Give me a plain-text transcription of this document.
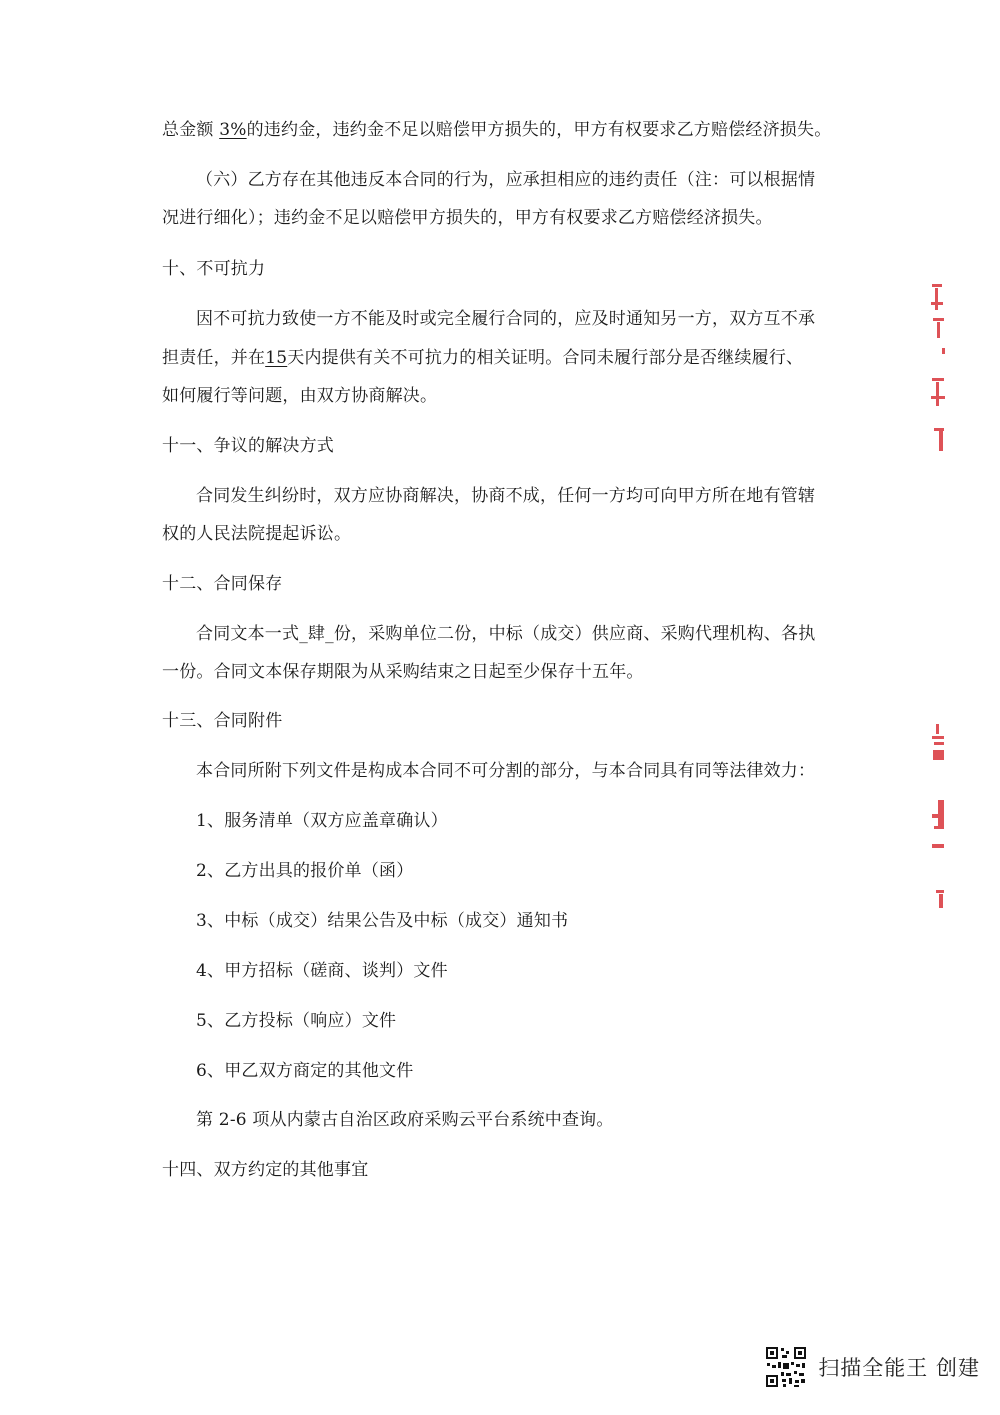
总金额 3%的违约金，违约金不足以赔偿甲方损失的，甲方有权要求乙方赔偿经济损失。
（六）乙方存在其他违反本合同的行为，应承担相应的违约责任（注：可以根据情
况进行细化）；违约金不足以赔偿甲方损失的，甲方有权要求乙方赔偿经济损失。
十、不可抗力
因不可抗力致使一方不能及时或完全履行合同的，应及时通知另一方，双方互不承
担责任，并在15天内提供有关不可抗力的相关证明。合同未履行部分是否继续履行、
如何履行等问题，由双方协商解决。
十一、争议的解决方式
合同发生纠纷时，双方应协商解决，协商不成，任何一方均可向甲方所在地有管辖
权的人民法院提起诉讼。
十二、合同保存
合同文本一式_肆_份，采购单位二份，中标（成交）供应商、采购代理机构、各执
一份。合同文本保存期限为从采购结束之日起至少保存十五年。
十三、合同附件
本合同所附下列文件是构成本合同不可分割的部分，与本合同具有同等法律效力：
1、服务清单（双方应盖章确认）
2、乙方出具的报价单（函）
3、中标（成交）结果公告及中标（成交）通知书
4、甲方招标（磋商、谈判）文件
5、乙方投标（响应）文件
6、甲乙双方商定的其他文件
第 2-6 项从内蒙古自治区政府采购云平台系统中查询。
十四、双方约定的其他事宜
扫描全能王 创建
